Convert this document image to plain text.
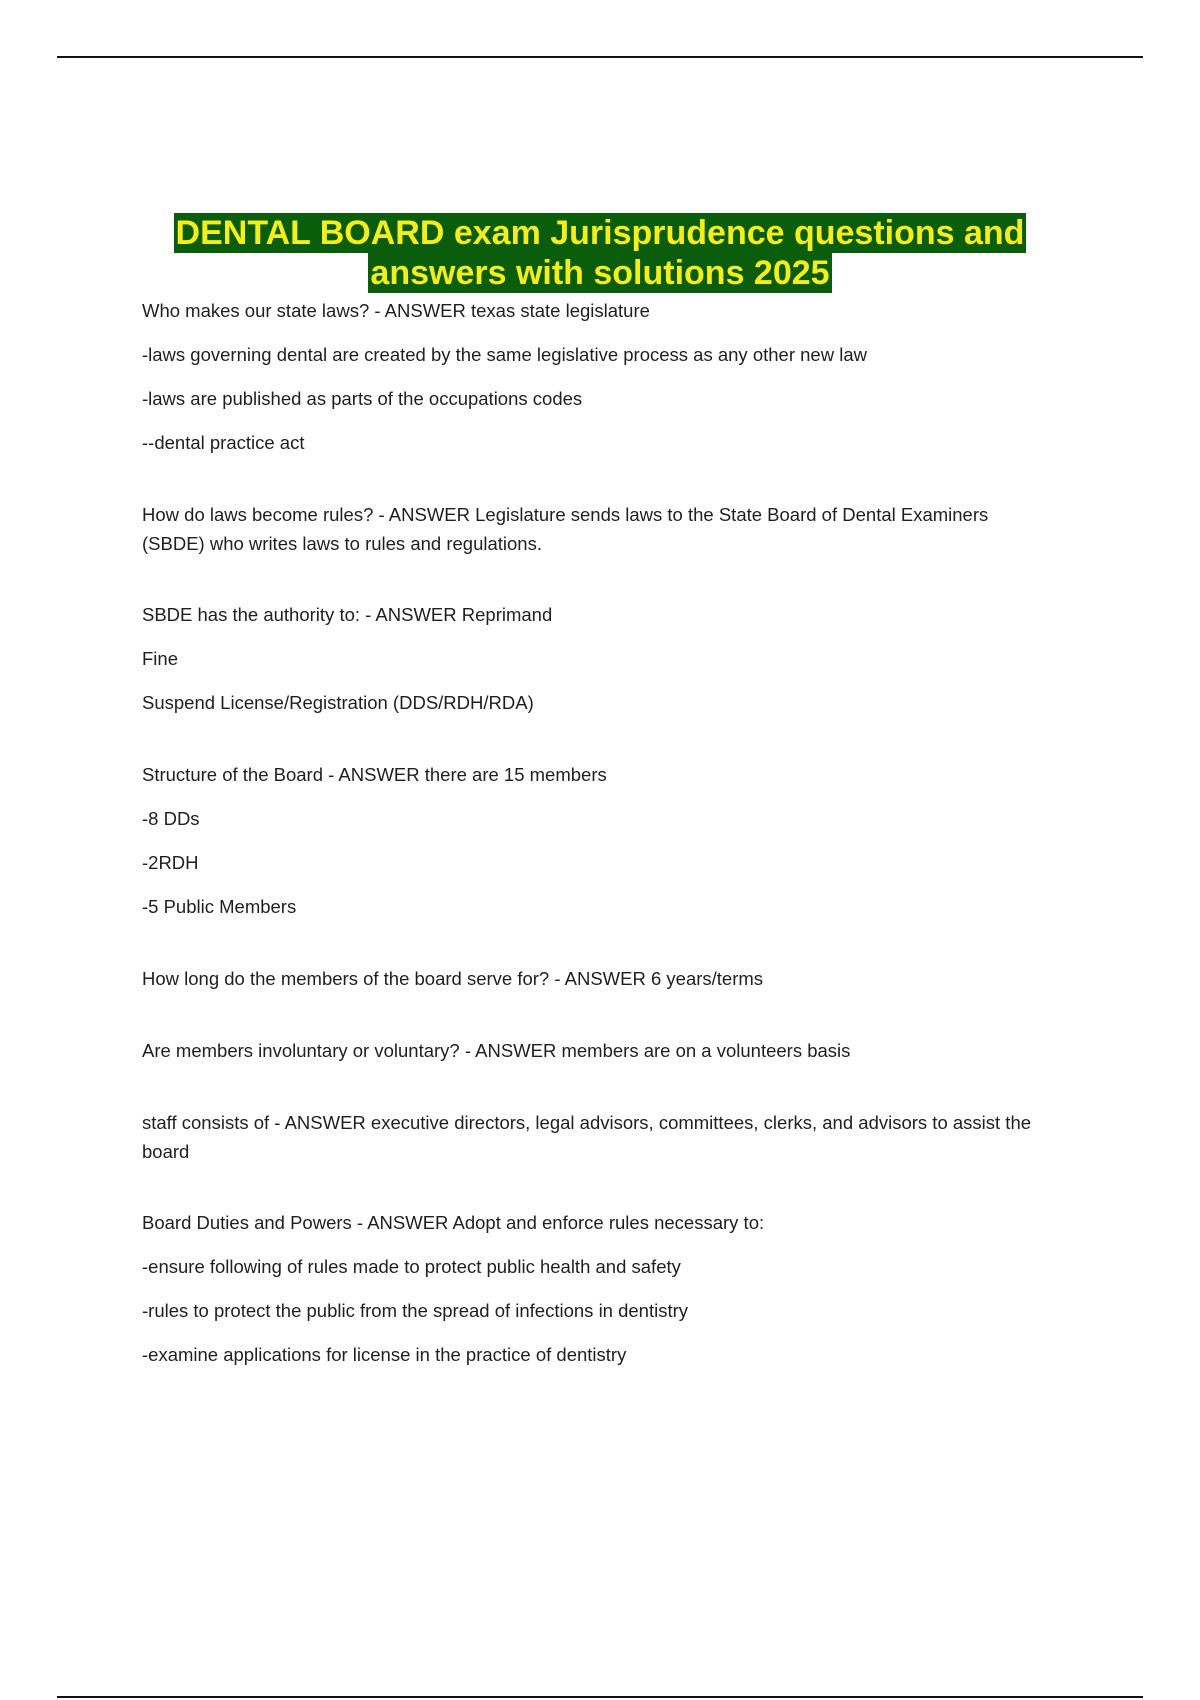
DENTAL BOARD exam Jurisprudence questions and
answers with solutions 2025

Who makes our state laws? - ANSWER texas state legislature

-laws governing dental are created by the same legislative process as any other new law

-laws are published as parts of the occupations codes

--dental practice act

How do laws become rules? - ANSWER Legislature sends laws to the State Board of Dental Examiners (SBDE) who writes laws to rules and regulations.

SBDE has the authority to: - ANSWER Reprimand

Fine

Suspend License/Registration (DDS/RDH/RDA)

Structure of the Board - ANSWER there are 15 members

-8 DDs

-2RDH

-5 Public Members

How long do the members of the board serve for? - ANSWER 6 years/terms

Are members involuntary or voluntary? - ANSWER members are on a volunteers basis

staff consists of - ANSWER executive directors, legal advisors, committees, clerks, and advisors to assist the board

Board Duties and Powers - ANSWER Adopt and enforce rules necessary to:

-ensure following of rules made to protect public health and safety

-rules to protect the public from the spread of infections in dentistry

-examine applications for license in the practice of dentistry
